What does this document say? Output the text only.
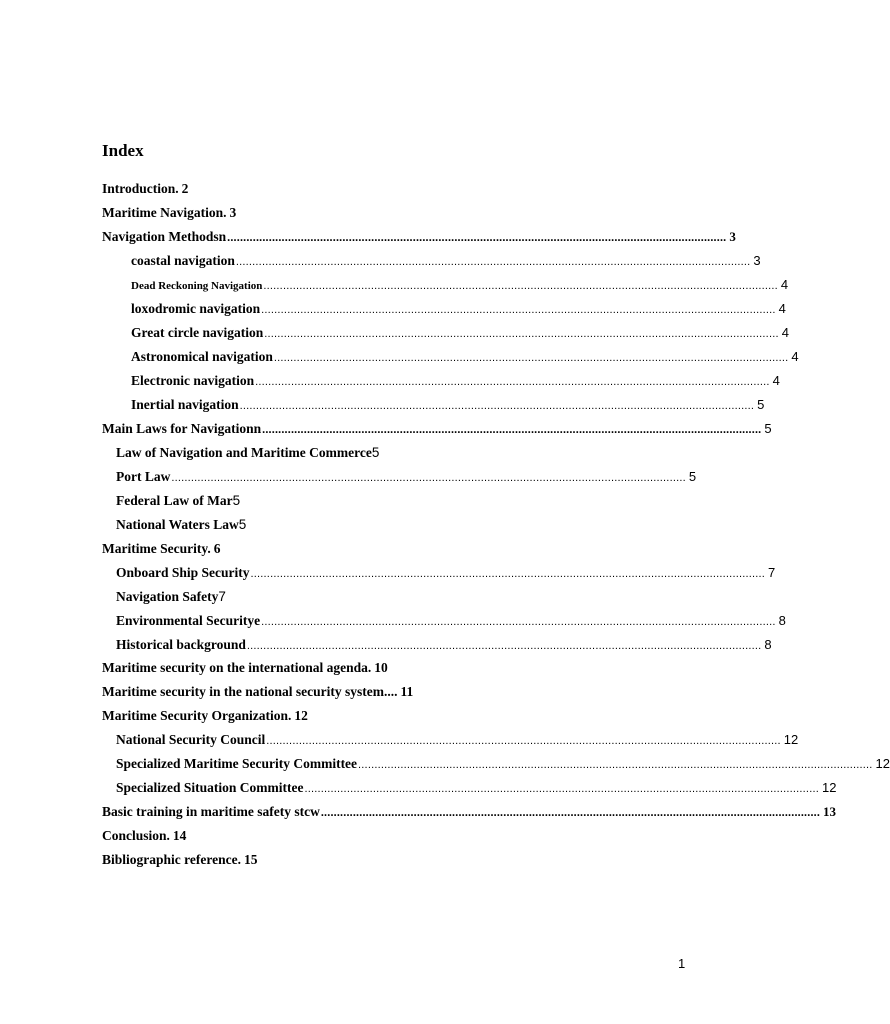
Index
Introduction. 2
Maritime Navigation. 3
Navigation Methodsn ............................................................................................................................................................ 3
coastal navigation .............................................................................................................................................................. 3
Dead Reckoning Navigation .............................................................................................................................................................. 4
loxodromic navigation .............................................................................................................................................................. 4
Great circle navigation .............................................................................................................................................................. 4
Astronomical navigation .............................................................................................................................................................. 4
Electronic navigation .............................................................................................................................................................. 4
Inertial navigation .............................................................................................................................................................. 5
Main Laws for Navigationn ............................................................................................................................................................ 5
Law of Navigation and Maritime Commerce 5
Port Law .............................................................................................................................................................. 5
Federal Law of Mar 5
National Waters Law 5
Maritime Security. 6
Onboard Ship Security .............................................................................................................................................................. 7
Navigation Safety 7
Environmental Securitye .............................................................................................................................................................. 8
Historical background .............................................................................................................................................................. 8
Maritime security on the international agenda. 10
Maritime security in the national security system.... 11
Maritime Security Organization. 12
National Security Council .............................................................................................................................................................. 12
Specialized Maritime Security Committee .............................................................................................................................................................. 12
Specialized Situation Committee .............................................................................................................................................................. 12
Basic training in maritime safety stcw ............................................................................................................................................................ 13
Conclusion. 14
Bibliographic reference. 15
1
